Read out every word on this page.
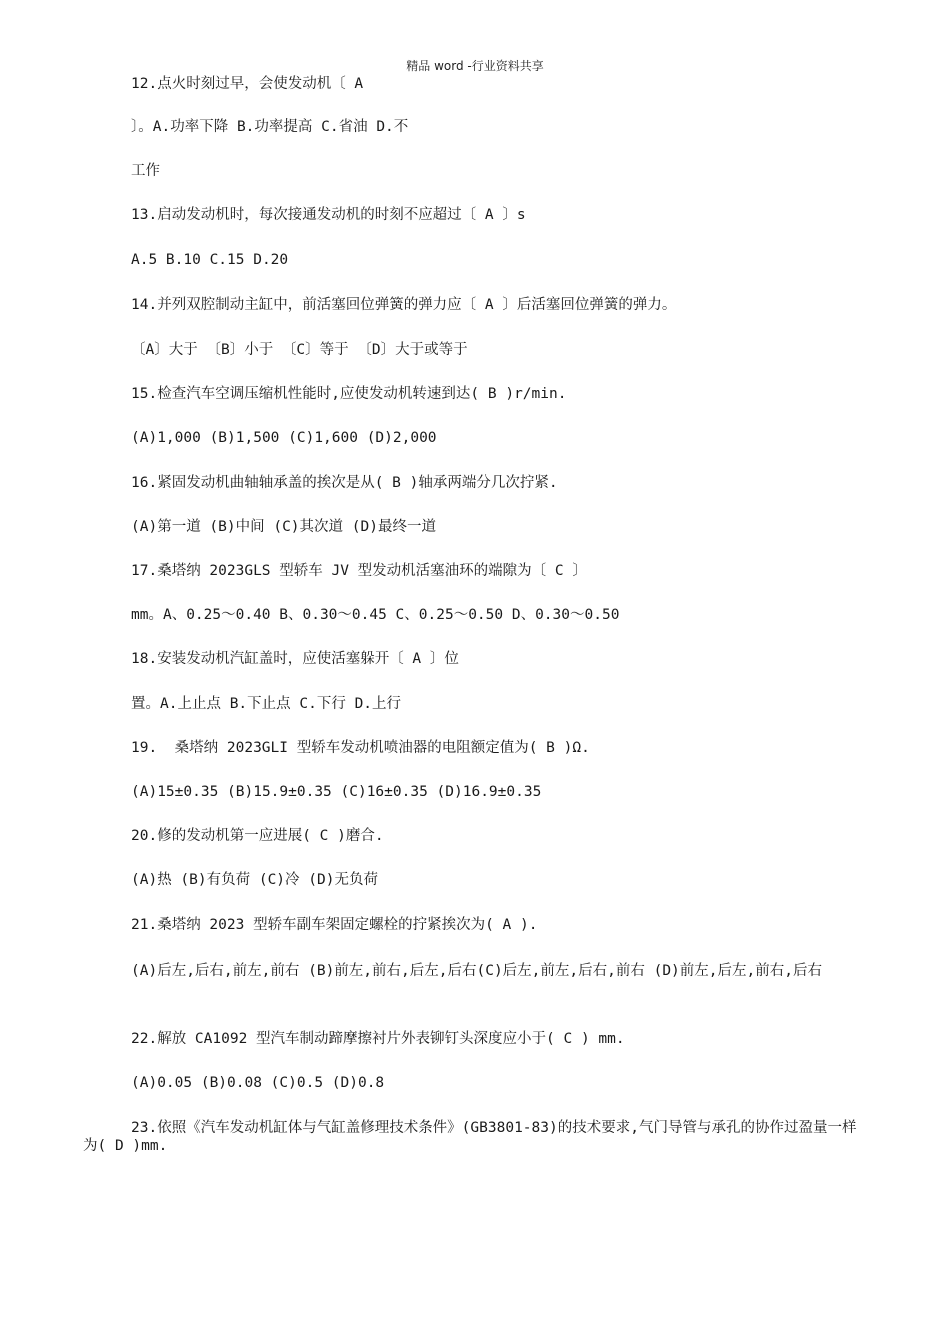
精品 word -行业资料共享
12.点火时刻过早，会使发动机〔 A
〕。A.功率下降 B.功率提高 C.省油 D.不
工作
13.启动发动机时，每次接通发动机的时刻不应超过〔 A 〕s
A.5 B.10 C.15 D.20
14.并列双腔制动主缸中，前活塞回位弹簧的弹力应〔 A 〕后活塞回位弹簧的弹力。
〔A〕大于 〔B〕小于 〔C〕等于 〔D〕大于或等于
15.检查汽车空调压缩机性能时,应使发动机转速到达( B )r/min.
(A)1,000 (B)1,500 (C)1,600 (D)2,000
16.紧固发动机曲轴轴承盖的挨次是从( B )轴承两端分几次拧紧.
(A)第一道 (B)中间 (C)其次道 (D)最终一道
17.桑塔纳 2023GLS 型轿车 JV 型发动机活塞油环的端隙为〔 C 〕
mm。A、0.25～0.40 B、0.30～0.45 C、0.25～0.50 D、0.30～0.50
18.安装发动机汽缸盖时，应使活塞躲开〔 A 〕位
置。A.上止点 B.下止点 C.下行 D.上行
19.  桑塔纳 2023GLI 型轿车发动机喷油器的电阻额定值为( B )Ω.
(A)15±0.35 (B)15.9±0.35 (C)16±0.35 (D)16.9±0.35
20.修的发动机第一应进展( C )磨合.
(A)热 (B)有负荷 (C)冷 (D)无负荷
21.桑塔纳 2023 型轿车副车架固定螺栓的拧紧挨次为( A ).
(A)后左,后右,前左,前右 (B)前左,前右,后左,后右(C)后左,前左,后右,前右 (D)前左,后左,前右,后右
22.解放 CA1092 型汽车制动蹄摩擦衬片外表铆钉头深度应小于( C ) mm.
(A)0.05 (B)0.08 (C)0.5 (D)0.8
23.依照《汽车发动机缸体与气缸盖修理技术条件》(GB3801-83)的技术要求,气门导管与承孔的协作过盈量一样为( D )mm.
